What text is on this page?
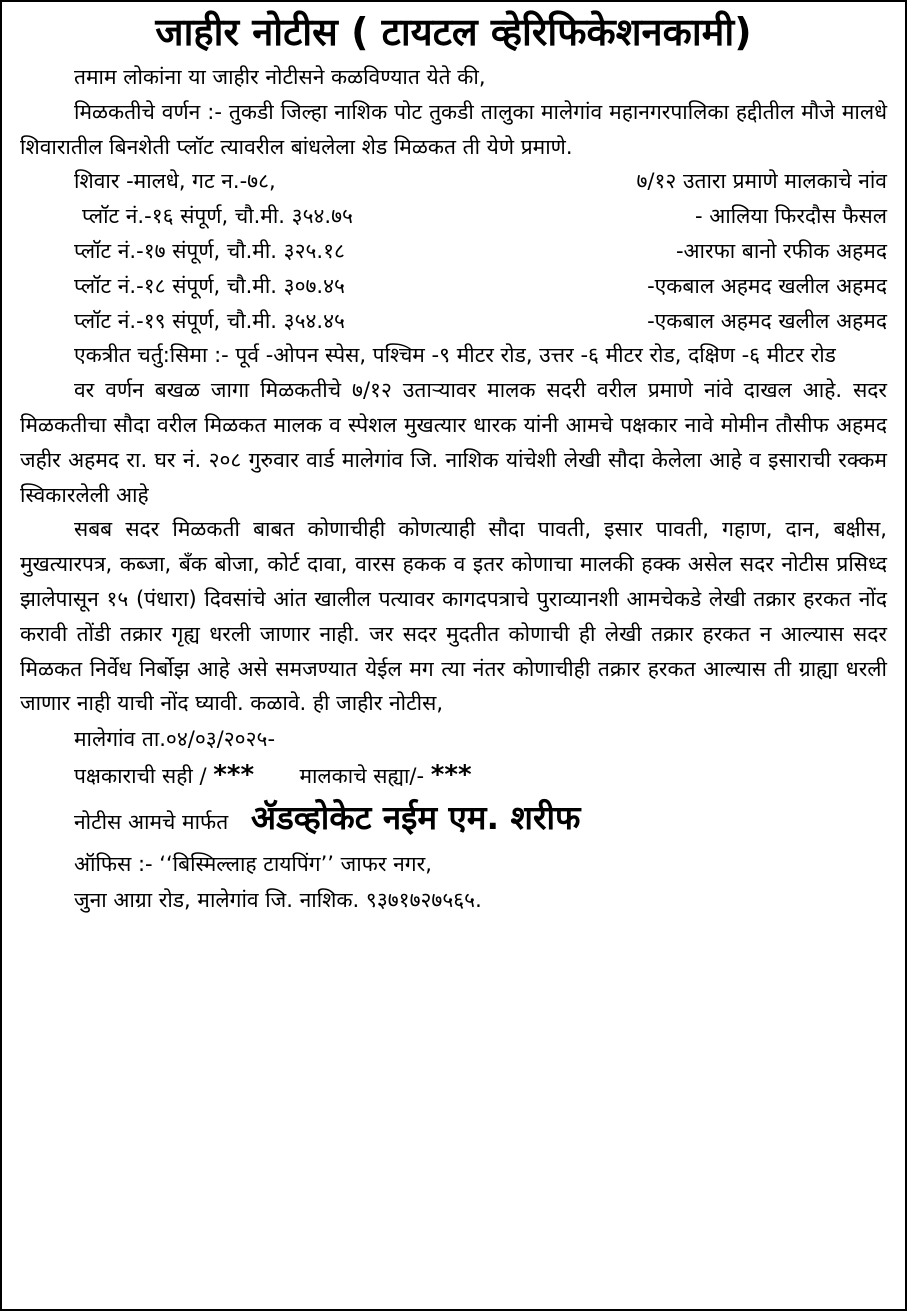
जाहीर नोटीस ( टायटल व्हेरिफिकेशनकामी)

तमाम लोकांना या जाहीर नोटीसने कळविण्यात येते की,

मिळकतीचे वर्णन :- तुकडी जिल्हा नाशिक पोट तुकडी तालुका मालेगांव महानगरपालिका हद्दीतील मौजे मालधे शिवारातील बिनशेती प्लॉट त्यावरील बांधलेला शेड मिळकत ती येणे प्रमाणे.

शिवार -मालधे, गट न.-७८,	७/१२ उतारा प्रमाणे मालकाचे नांव
प्लॉट नं.-१६ संपूर्ण, चौ.मी. ३५४.७५	- आलिया फिरदौस फैसल
प्लॉट नं.-१७ संपूर्ण, चौ.मी. ३२५.१८	-आरफा बानो रफीक अहमद
प्लॉट नं.-१८ संपूर्ण, चौ.मी. ३०७.४५	-एकबाल अहमद खलील अहमद
प्लॉट नं.-१९ संपूर्ण, चौ.मी. ३५४.४५	-एकबाल अहमद खलील अहमद

एकत्रीत चर्तु:सिमा :- पूर्व -ओपन स्पेस, पश्चिम -९ मीटर रोड, उत्तर -६ मीटर रोड, दक्षिण -६ मीटर रोड

वर वर्णन बखळ जागा मिळकतीचे ७/१२ उताऱ्यावर मालक सदरी वरील प्रमाणे नांवे दाखल आहे. सदर मिळकतीचा सौदा वरील मिळकत मालक व स्पेशल मुखत्यार धारक यांनी आमचे पक्षकार नावे मोमीन तौसीफ अहमद जहीर अहमद रा. घर नं. २०८ गुरुवार वार्ड मालेगांव जि. नाशिक यांचेशी लेखी सौदा केलेला आहे व इसाराची रक्कम स्विकारलेली आहे

सबब सदर मिळकती बाबत कोणाचीही कोणत्याही सौदा पावती, इसार पावती, गहाण, दान, बक्षीस, मुखत्यारपत्र, कब्जा, बँक बोजा, कोर्ट दावा, वारस हकक व इतर कोणाचा मालकी हक्क असेल सदर नोटीस प्रसिध्द झालेपासून १५ (पंधारा) दिवसांचे आंत खालील पत्यावर कागदपत्राचे पुराव्यानशी आमचेकडे लेखी तक्रार हरकत नोंद करावी तोंडी तक्रार गृह्य धरली जाणार नाही. जर सदर मुदतीत कोणाची ही लेखी तक्रार हरकत न आल्यास सदर मिळकत निर्वेध निर्बोझ आहे असे समजण्यात येईल मग त्या नंतर कोणाचीही तक्रार हरकत आल्यास ती ग्राह्या धरली जाणार नाही याची नोंद घ्यावी. कळावे. ही जाहीर नोटीस,

मालेगांव ता.०४/०३/२०२५-
पक्षकाराची सही / *** मालकाचे सह्या/- ***
नोटीस आमचे मार्फत ॲडव्होकेट नईम एम. शरीफ
ऑफिस :- ‘‘बिस्मिल्लाह टायपिंग’’ जाफर नगर,
जुना आग्रा रोड, मालेगांव जि. नाशिक. ९३७१७२७५६५.
